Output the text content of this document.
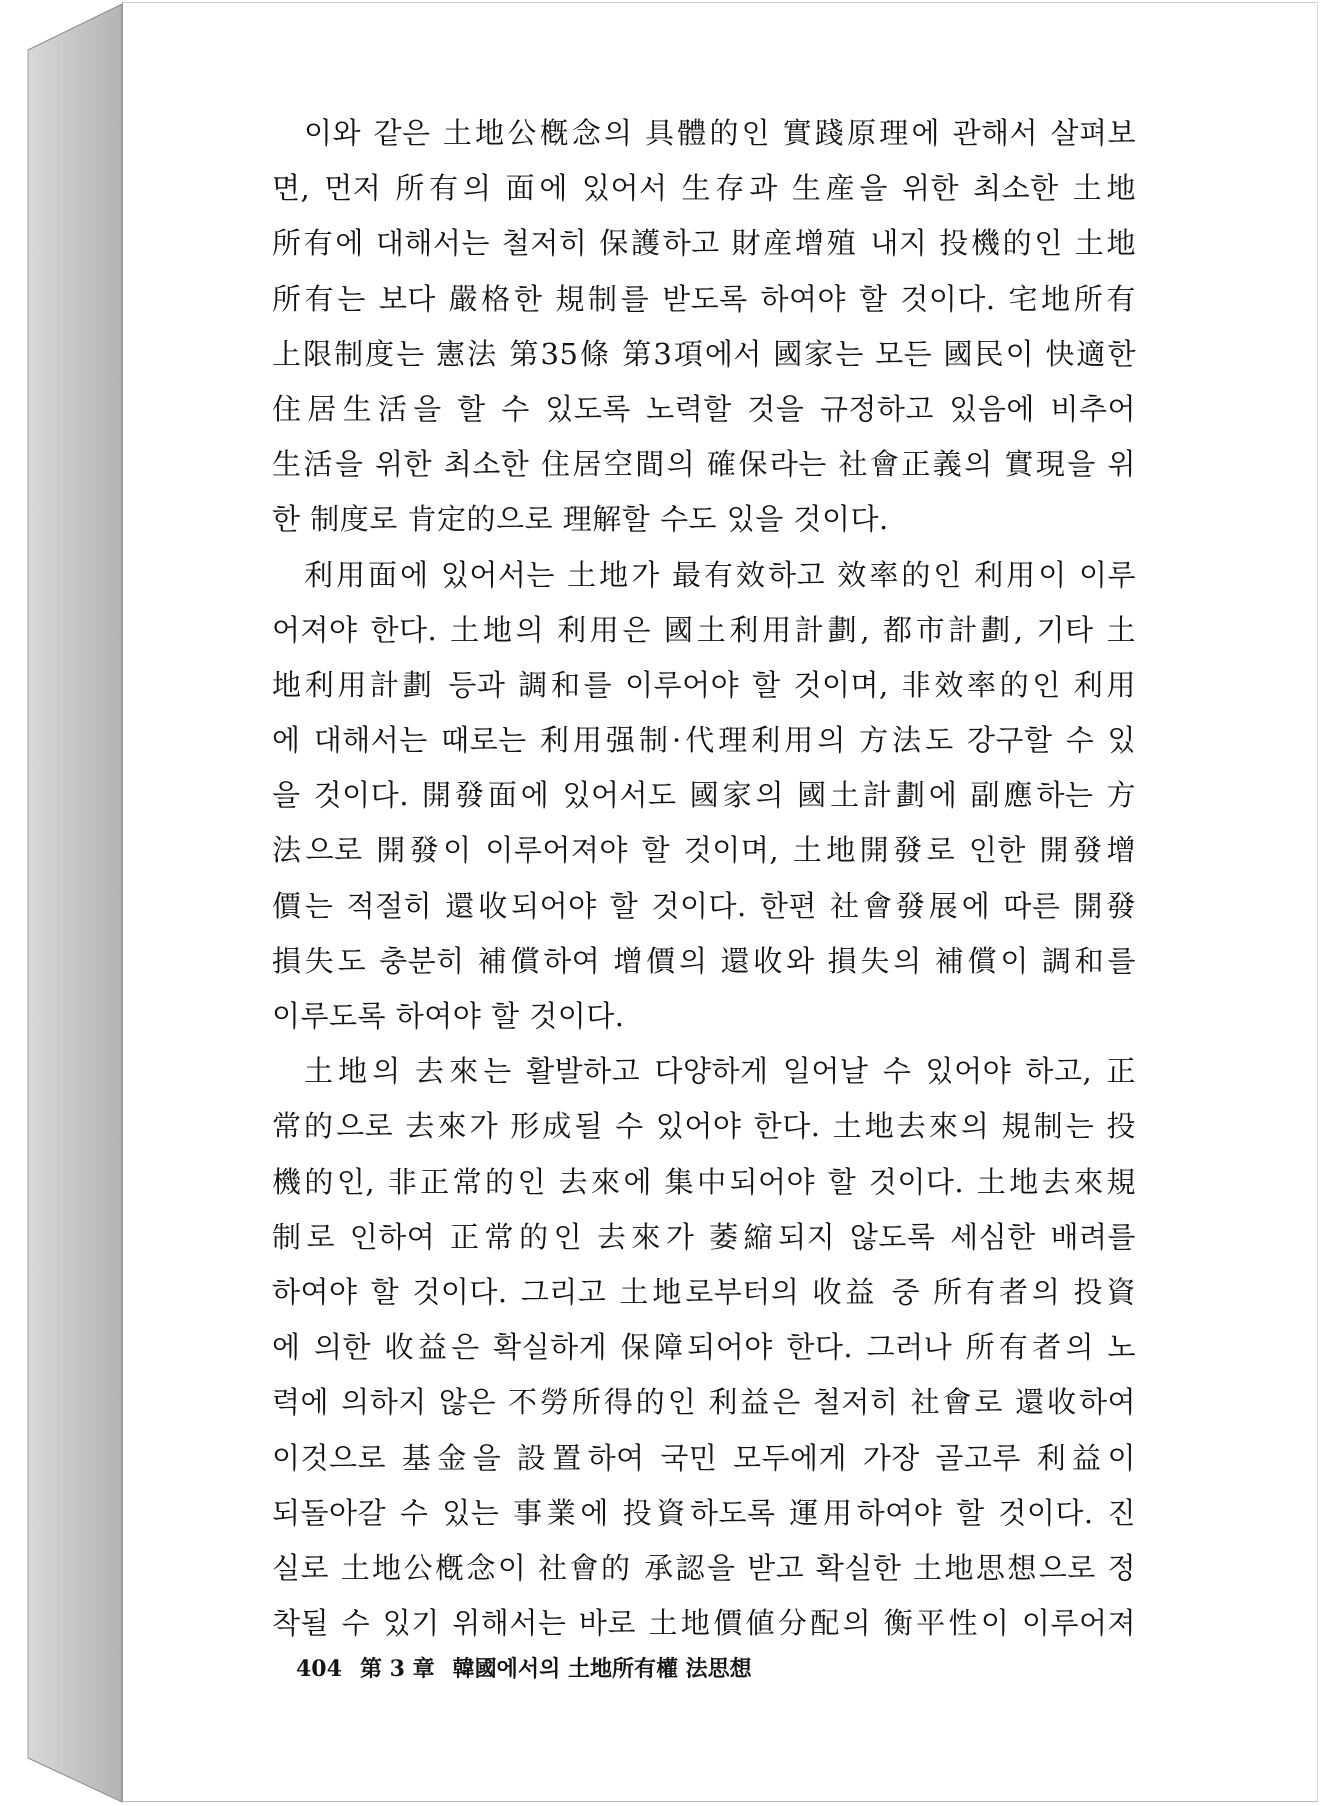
이와 같은 土地公槪念의 具體的인 實踐原理에 관해서 살펴보
면, 먼저 所有의 面에 있어서 生存과 生産을 위한 최소한 土地
所有에 대해서는 철저히 保護하고 財産增殖 내지 投機的인 土地
所有는 보다 嚴格한 規制를 받도록 하여야 할 것이다. 宅地所有
上限制度는 憲法 第35條 第3項에서 國家는 모든 國民이 快適한
住居生活을 할 수 있도록 노력할 것을 규정하고 있음에 비추어
生活을 위한 최소한 住居空間의 確保라는 社會正義의 實現을 위
한 制度로 肯定的으로 理解할 수도 있을 것이다.
利用面에 있어서는 土地가 最有效하고 效率的인 利用이 이루
어져야 한다. 土地의 利用은 國土利用計劃, 都市計劃, 기타 土
地利用計劃 등과 調和를 이루어야 할 것이며, 非效率的인 利用
에 대해서는 때로는 利用强制·代理利用의 方法도 강구할 수 있
을 것이다. 開發面에 있어서도 國家의 國土計劃에 副應하는 方
法으로 開發이 이루어져야 할 것이며, 土地開發로 인한 開發增
價는 적절히 還收되어야 할 것이다. 한편 社會發展에 따른 開發
損失도 충분히 補償하여 增價의 還收와 損失의 補償이 調和를
이루도록 하여야 할 것이다.
土地의 去來는 활발하고 다양하게 일어날 수 있어야 하고, 正
常的으로 去來가 形成될 수 있어야 한다. 土地去來의 規制는 投
機的인, 非正常的인 去來에 集中되어야 할 것이다. 土地去來規
制로 인하여 正常的인 去來가 萎縮되지 않도록 세심한 배려를
하여야 할 것이다. 그리고 土地로부터의 收益 중 所有者의 投資
에 의한 收益은 확실하게 保障되어야 한다. 그러나 所有者의 노
력에 의하지 않은 不勞所得的인 利益은 철저히 社會로 還收하여
이것으로 基金을 設置하여 국민 모두에게 가장 골고루 利益이
되돌아갈 수 있는 事業에 投資하도록 運用하여야 할 것이다. 진
실로 土地公槪念이 社會的 承認을 받고 확실한 土地思想으로 정
착될 수 있기 위해서는 바로 土地價値分配의 衡平性이 이루어져
404 第 3 章 韓國에서의 土地所有權 法思想
